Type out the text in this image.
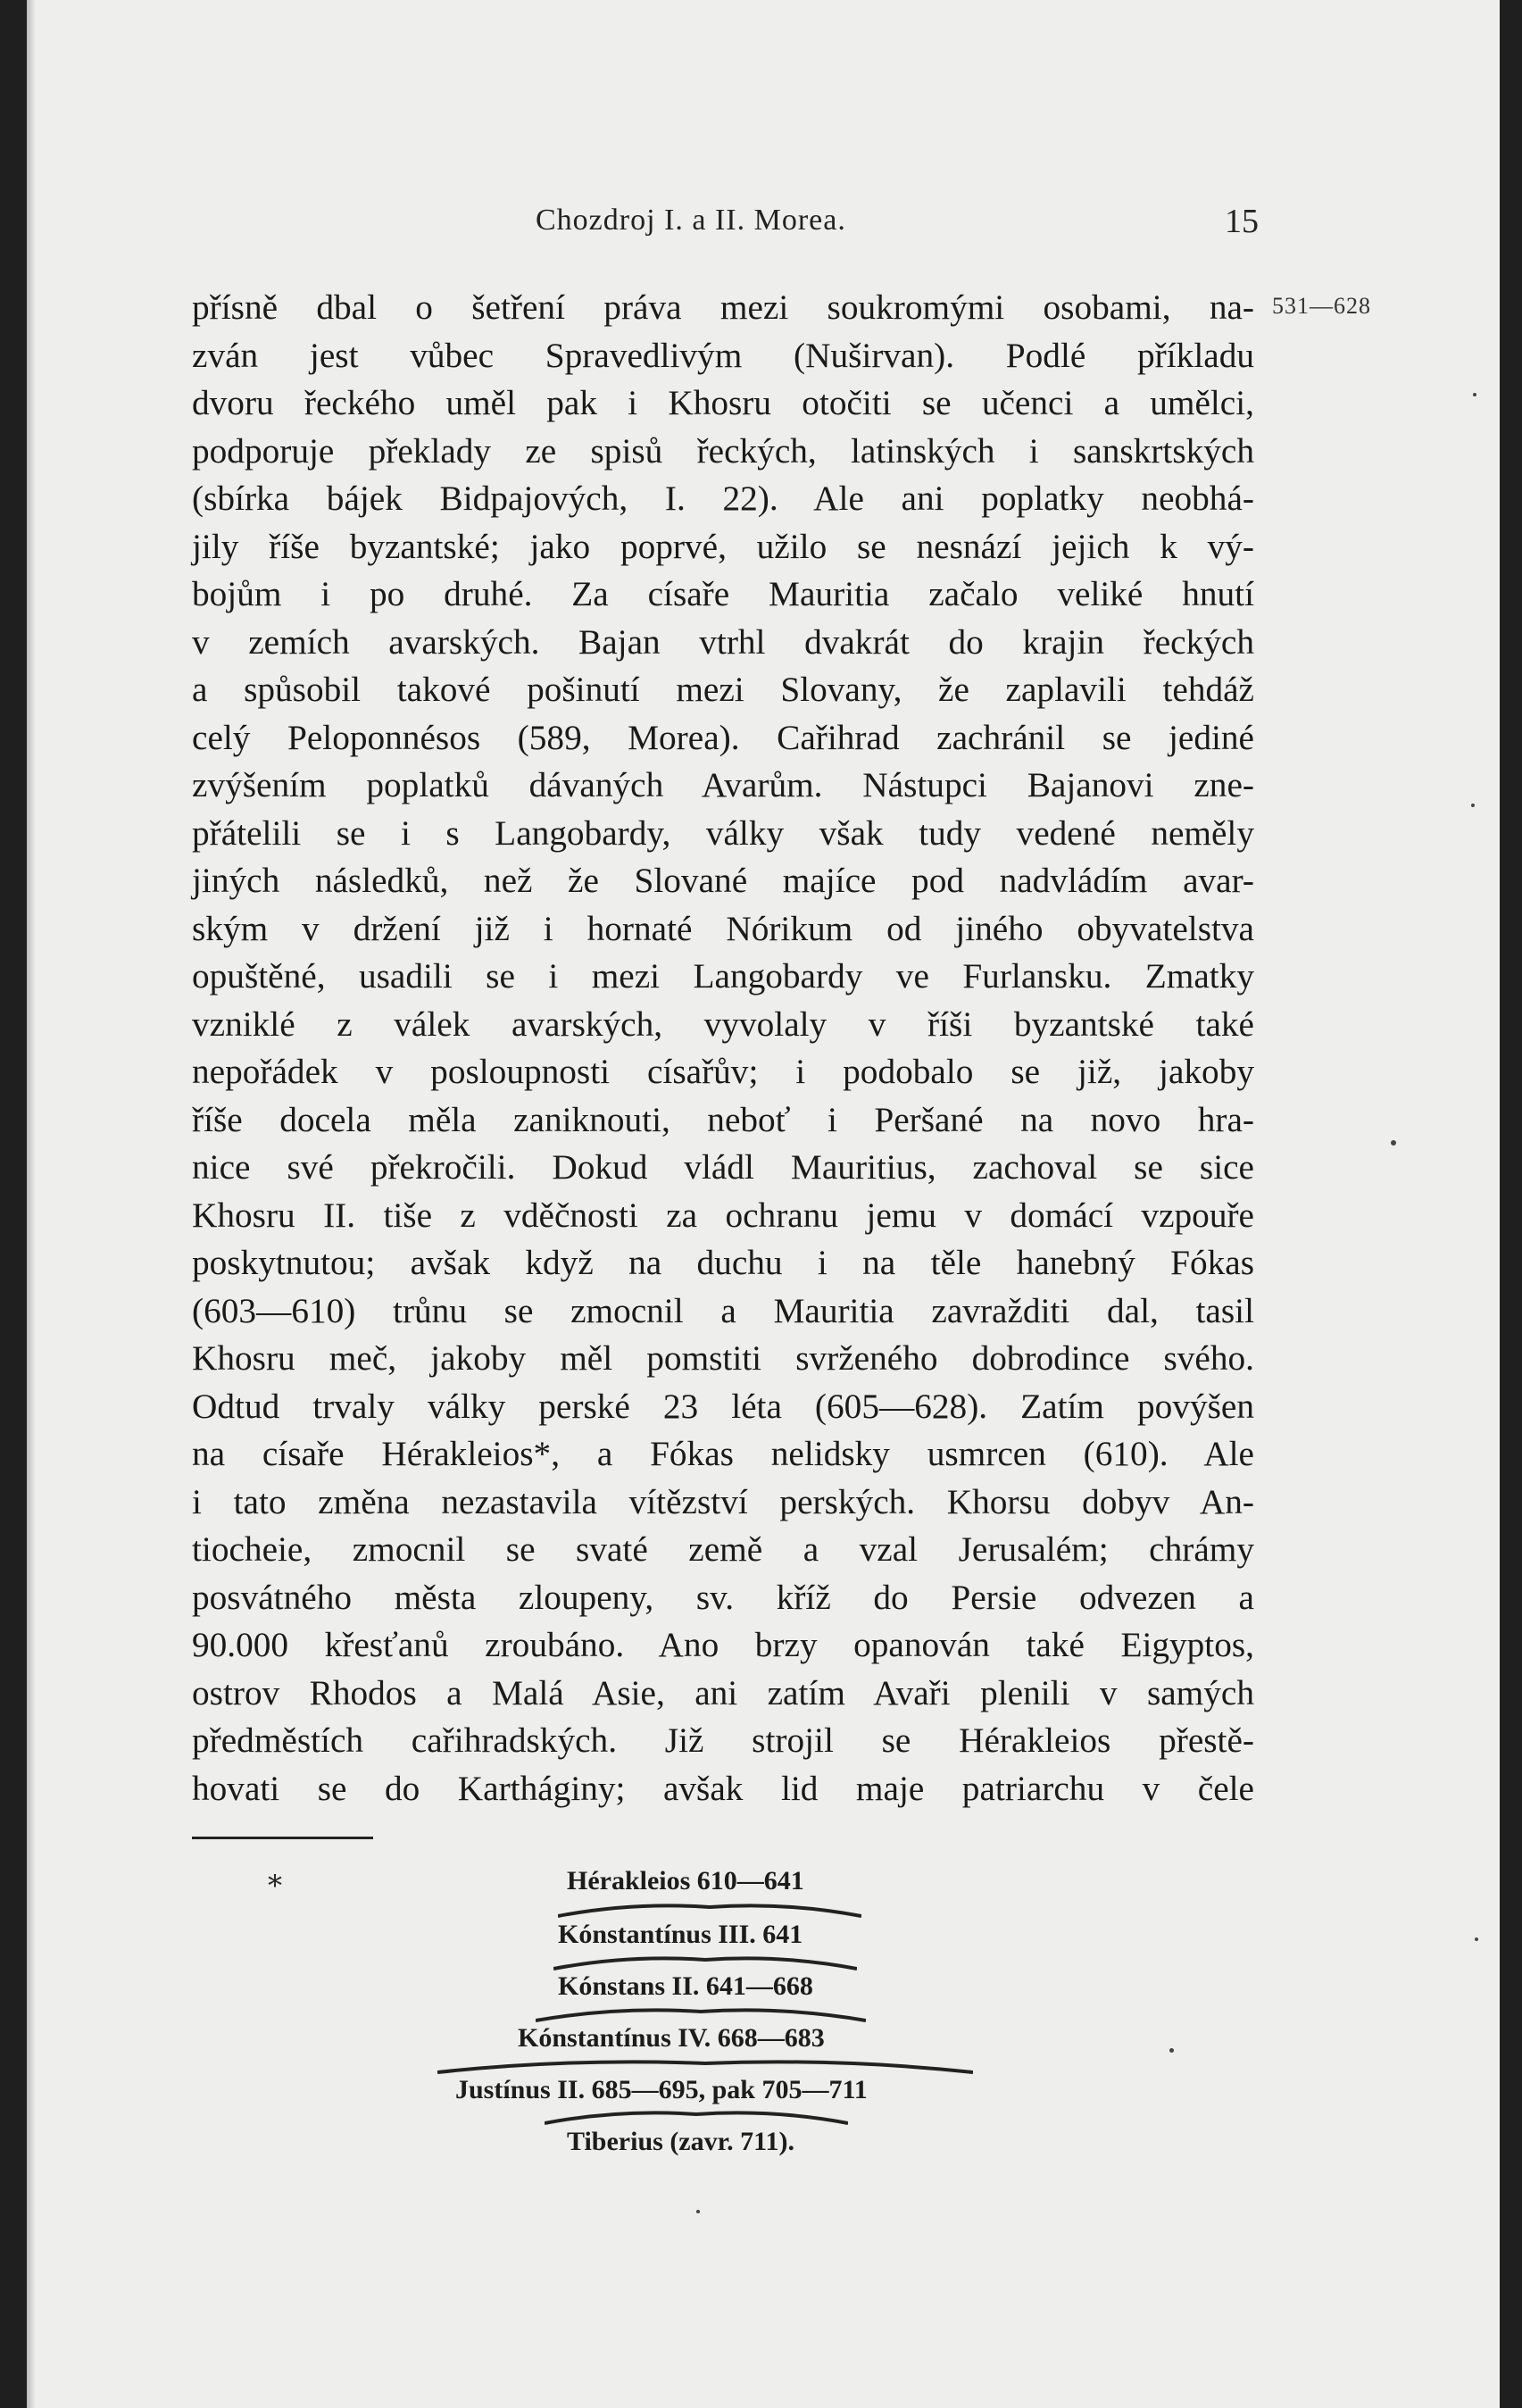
Chozdroj I. a II. Morea.	15
531—628
přísně dbal o šetření práva mezi soukromými osobami, na-
zván jest vůbec Spravedlivým (Nuširvan). Podlé příkladu
dvoru řeckého uměl pak i Khosru otočiti se učenci a umělci,
podporuje překlady ze spisů řeckých, latinských i sanskrtských
(sbírka bájek Bidpajových, I. 22). Ale ani poplatky neobhá-
jily říše byzantské; jako poprvé, užilo se nesnází jejich k vý-
bojům i po druhé. Za císaře Mauritia začalo veliké hnutí
v zemích avarských. Bajan vtrhl dvakrát do krajin řeckých
a spůsobil takové pošinutí mezi Slovany, že zaplavili tehdáž
celý Peloponnésos (589, Morea). Cařihrad zachránil se jediné
zvýšením poplatků dávaných Avarům. Nástupci Bajanovi zne-
přátelili se i s Langobardy, války však tudy vedené neměly
jiných následků, než že Slované majíce pod nadvládím avar-
ským v držení již i hornaté Nórikum od jiného obyvatelstva
opuštěné, usadili se i mezi Langobardy ve Furlansku. Zmatky
vzniklé z válek avarských, vyvolaly v říši byzantské také
nepořádek v posloupnosti císařův; i podobalo se již, jakoby
říše docela měla zaniknouti, neboť i Peršané na novo hra-
nice své překročili. Dokud vládl Mauritius, zachoval se sice
Khosru II. tiše z vděčnosti za ochranu jemu v domácí vzpouře
poskytnutou; avšak když na duchu i na těle hanebný Fókas
(603—610) trůnu se zmocnil a Mauritia zavražditi dal, tasil
Khosru meč, jakoby měl pomstiti svrženého dobrodince svého.
Odtud trvaly války perské 23 léta (605—628). Zatím povýšen
na císaře Hérakleios*, a Fókas nelidsky usmrcen (610). Ale
i tato změna nezastavila vítězství perských. Khorsu dobyv An-
tiocheie, zmocnil se svaté země a vzal Jerusalém; chrámy
posvátného města zloupeny, sv. kříž do Persie odvezen a
90.000 křesťanů zroubáno. Ano brzy opanován také Eigyptos,
ostrov Rhodos a Malá Asie, ani zatím Avaři plenili v samých
předměstích cařihradských. Již strojil se Hérakleios přestě-
hovati se do Kartháginy; avšak lid maje patriarchu v čele
*	Hérakleios 610—641
Kónstantínus III. 641
Kónstans II. 641—668
Kónstantínus IV. 668—683
Justínus II. 685—695, pak 705—711
Tiberius (zavr. 711).
